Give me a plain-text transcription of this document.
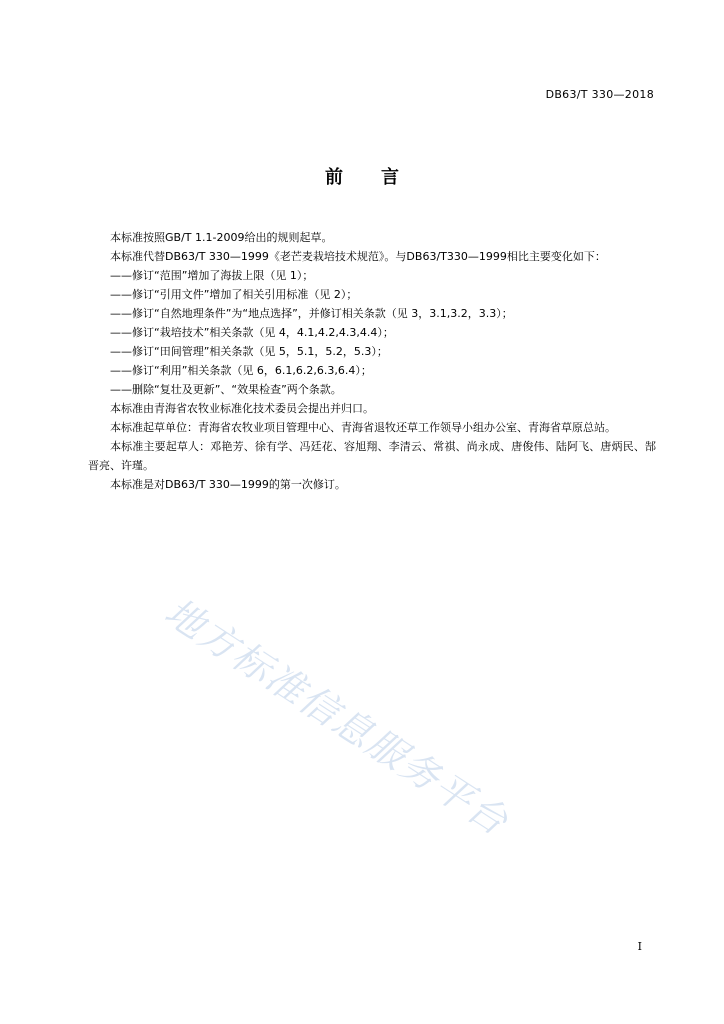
DB63/T 330—2018
前言

本标准按照GB/T 1.1-2009给出的规则起草。

本标准代替DB63/T 330—1999《老芒麦栽培技术规范》。与DB63/T330—1999相比主要变化如下：

——修订“范围”增加了海拔上限（见 1）；

——修订“引用文件”增加了相关引用标准（见 2）；

——修订“自然地理条件”为“地点选择”，并修订相关条款（见 3，3.1,3.2，3.3）；

——修订“栽培技术”相关条款（见 4，4.1,4.2,4.3,4.4）；

——修订“田间管理”相关条款（见 5，5.1，5.2，5.3）；

——修订“利用”相关条款（见 6，6.1,6.2,6.3,6.4）；

——删除“复壮及更新”、“效果检查”两个条款。

本标准由青海省农牧业标准化技术委员会提出并归口。

本标准起草单位：青海省农牧业项目管理中心、青海省退牧还草工作领导小组办公室、青海省草原总站。

本标准主要起草人：邓艳芳、徐有学、冯廷花、容旭翔、李清云、常祺、尚永成、唐俊伟、陆阿飞、唐炳民、郜晋亮、许瑾。

本标准是对DB63/T 330—1999的第一次修订。

地方标准信息服务平台
I
